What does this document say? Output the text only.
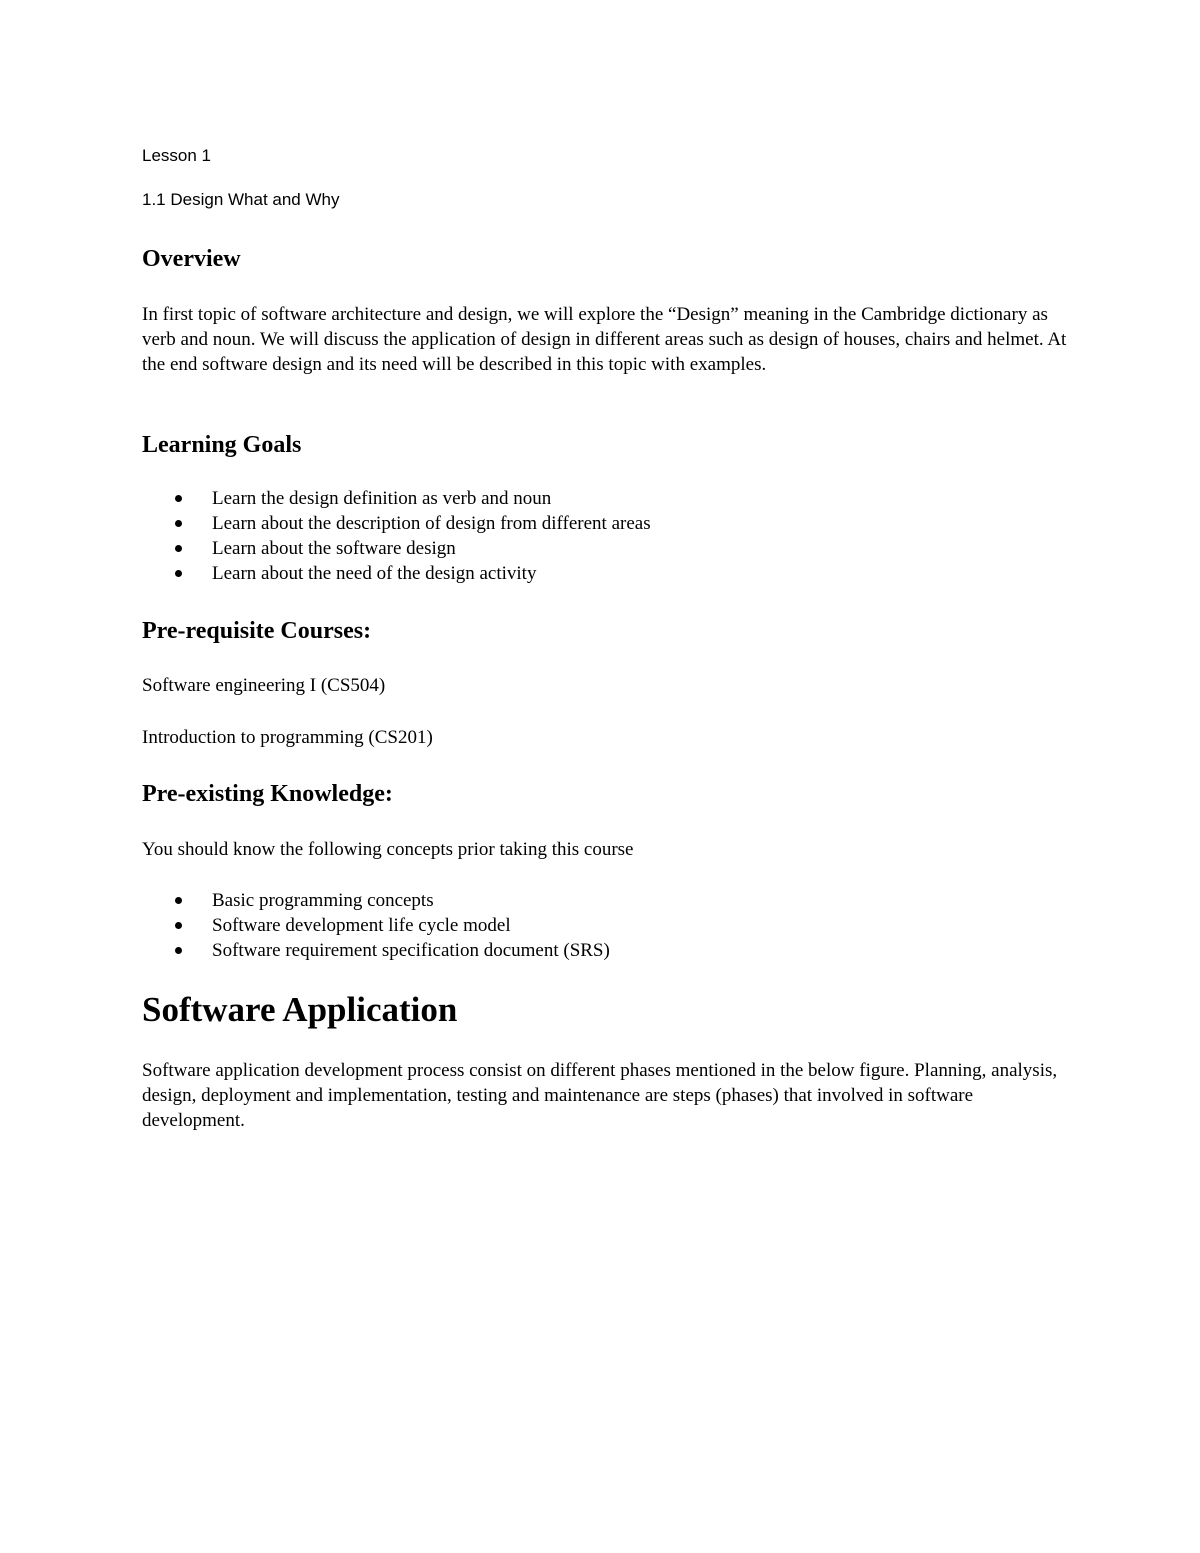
Lesson 1

1.1 Design What and Why

Overview

In first topic of software architecture and design, we will explore the “Design” meaning in the Cambridge dictionary as verb and noun. We will discuss the application of design in different areas such as design of houses, chairs and helmet. At the end software design and its need will be described in this topic with examples.

Learning Goals
Learn the design definition as verb and noun
Learn about the description of design from different areas
Learn about the software design
Learn about the need of the design activity
Pre-requisite Courses:

Software engineering I (CS504)

Introduction to programming (CS201)

Pre-existing Knowledge:

You should know the following concepts prior taking this course

Basic programming concepts
Software development life cycle model
Software requirement specification document (SRS)
Software Application

Software application development process consist on different phases mentioned in the below figure. Planning, analysis, design, deployment and implementation, testing and maintenance are steps (phases) that involved in software development.
